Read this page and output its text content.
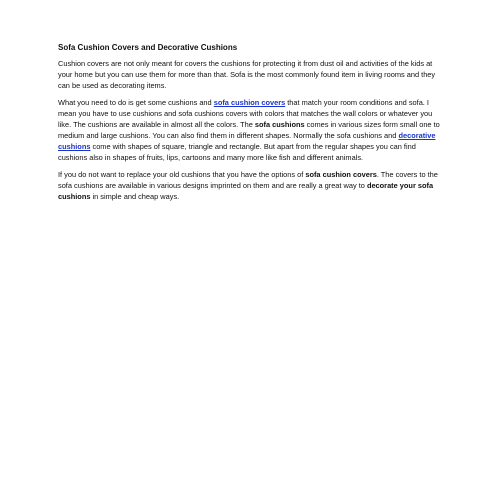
Sofa Cushion Covers and Decorative Cushions

Cushion covers are not only meant for covers the cushions for protecting it from dust oil and activities of the kids at your home but you can use them for more than that. Sofa is the most commonly found item in living rooms and they can be used as decorating items.

What you need to do is get some cushions and sofa cushion covers that match your room conditions and sofa. I mean you have to use cushions and sofa cushions covers with colors that matches the wall colors or whatever you like. The cushions are available in almost all the colors. The sofa cushions comes in various sizes form small one to medium and large cushions. You can also find them in different shapes. Normally the sofa cushions and decorative cushions come with shapes of square, triangle and rectangle. But apart from the regular shapes you can find cushions also in shapes of fruits, lips, cartoons and many more like fish and different animals.

If you do not want to replace your old cushions that you have the options of sofa cushion covers. The covers to the sofa cushions are available in various designs imprinted on them and are really a great way to decorate your sofa cushions in simple and cheap ways.
